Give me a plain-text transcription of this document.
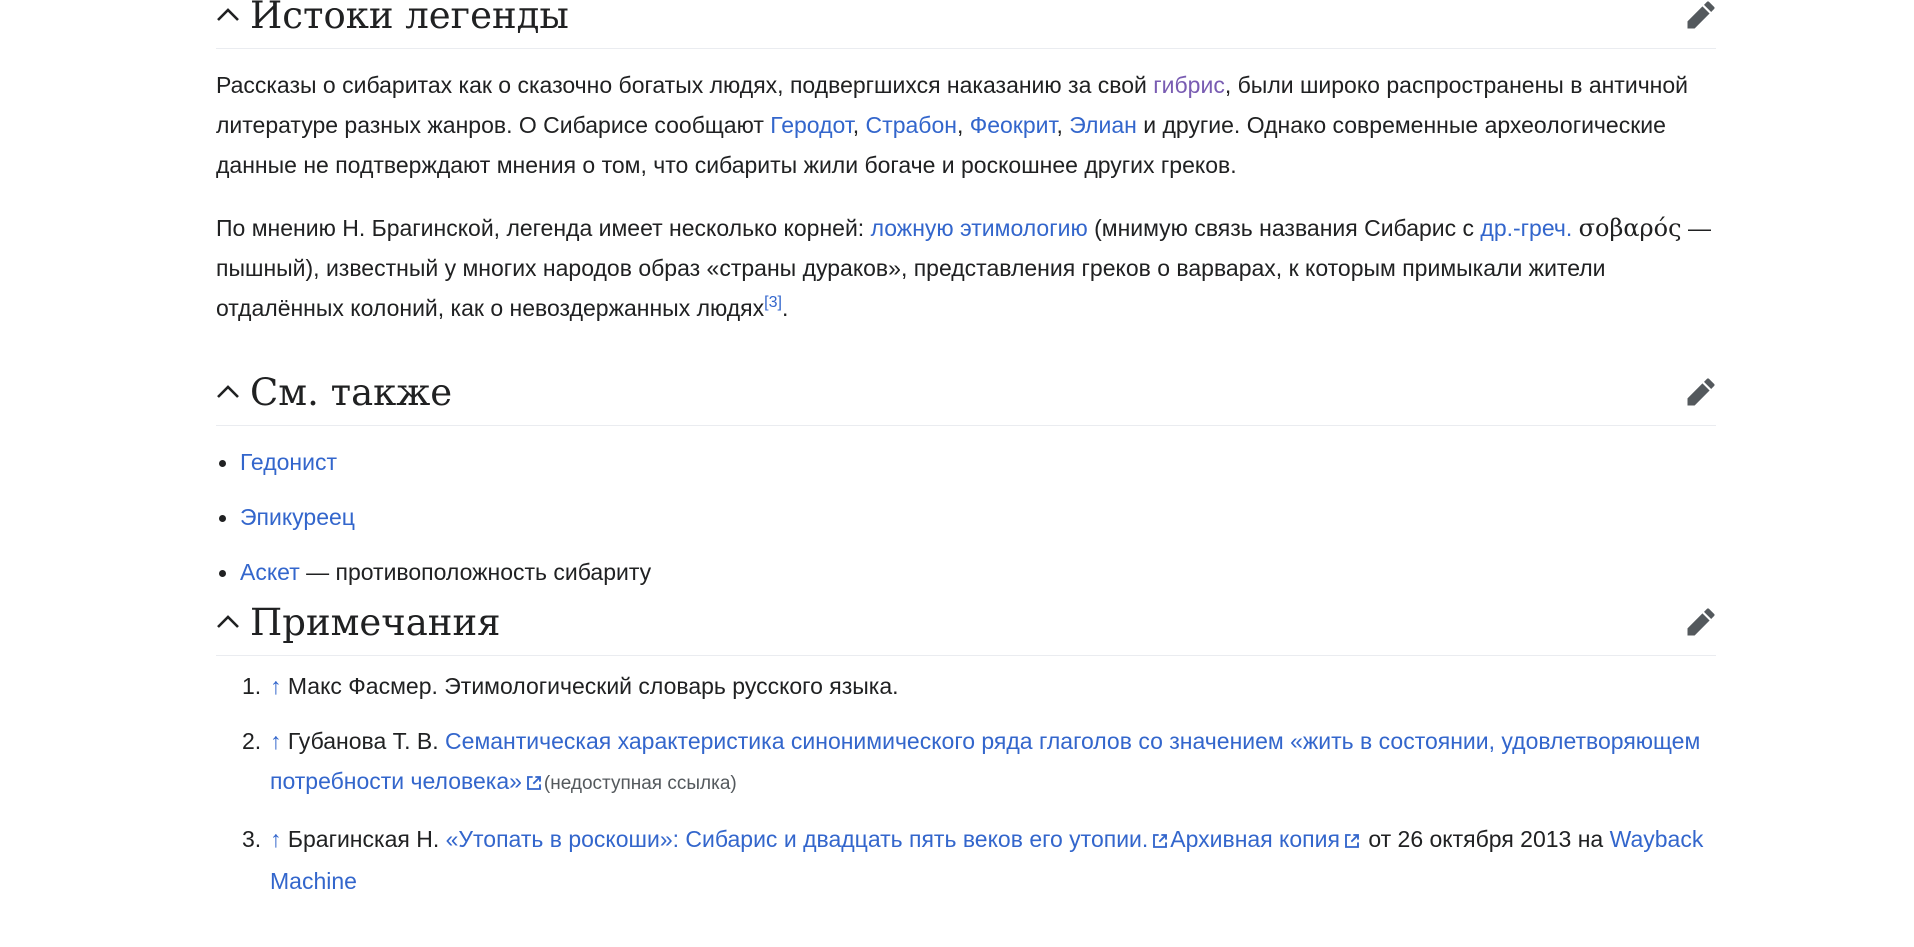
Истоки легенды

Рассказы о сибаритах как о сказочно богатых людях, подвергшихся наказанию за свой гибрис, были широко распространены в античной литературе разных жанров. О Сибарисе сообщают Геродот, Страбон, Феокрит, Элиан и другие. Однако современные археологические данные не подтверждают мнения о том, что сибариты жили богаче и роскошнее других греков.

По мнению Н. Брагинской, легенда имеет несколько корней: ложную этимологию (мнимую связь названия Сибарис с др.-греч. σοβαρός — пышный), известный у многих народов образ «страны дураков», представления греков о варварах, к которым примыкали жители отдалённых колоний, как о невоздержанных людях[3].

См. также
Гедонист
Эпикуреец
Аскет — противоположность сибариту
Примечания
1. ↑ Макс Фасмер. Этимологический словарь русского языка.
2. ↑ Губанова Т. В. Семантическая характеристика синонимического ряда глаголов со значением «жить в состоянии, удовлетворяющем потребности человека» (недоступная ссылка)
3. ↑ Брагинская Н. «Утопать в роскоши»: Сибарис и двадцать пять веков его утопии. Архивная копия от 26 октября 2013 на Wayback Machine
